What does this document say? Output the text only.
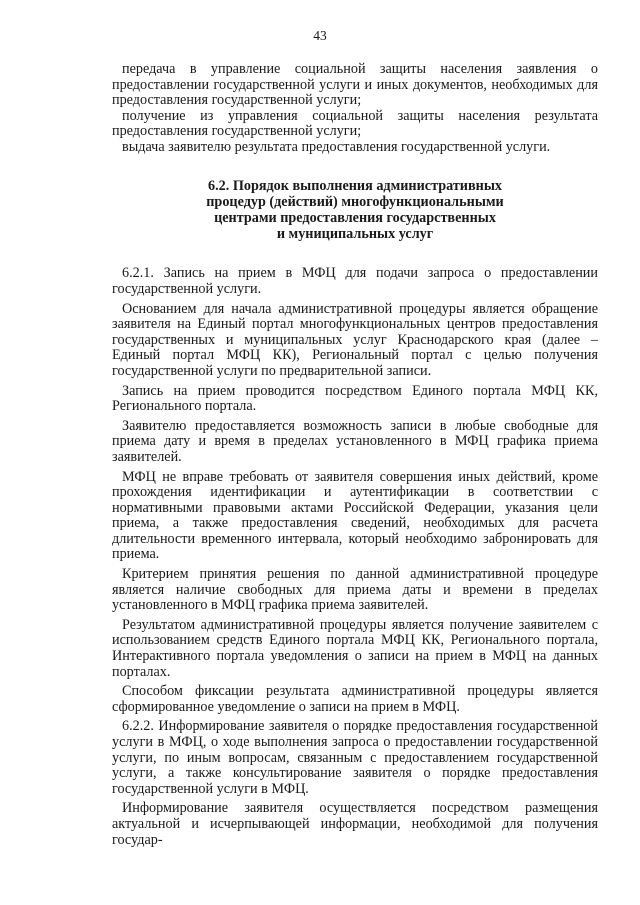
43

передача в управление социальной защиты населения заявления о предоставлении государственной услуги и иных документов, необходимых для предоставления государственной услуги;

получение из управления социальной защиты населения результата предоставления государственной услуги;

выдача заявителю результата предоставления государственной услуги.

6.2. Порядок выполнения административных
процедур (действий) многофункциональными
центрами предоставления государственных
и муниципальных услуг

6.2.1. Запись на прием в МФЦ для подачи запроса о предоставлении государственной услуги.

Основанием для начала административной процедуры является обращение заявителя на Единый портал многофункциональных центров предоставления государственных и муниципальных услуг Краснодарского края (далее – Единый портал МФЦ КК), Региональный портал с целью получения государственной услуги по предварительной записи.

Запись на прием проводится посредством Единого портала МФЦ КК, Регионального портала.

Заявителю предоставляется возможность записи в любые свободные для приема дату и время в пределах установленного в МФЦ графика приема заявителей.

МФЦ не вправе требовать от заявителя совершения иных действий, кроме прохождения идентификации и аутентификации в соответствии с нормативными правовыми актами Российской Федерации, указания цели приема, а также предоставления сведений, необходимых для расчета длительности временного интервала, который необходимо забронировать для приема.

Критерием принятия решения по данной административной процедуре является наличие свободных для приема даты и времени в пределах установленного в МФЦ графика приема заявителей.

Результатом административной процедуры является получение заявителем с использованием средств Единого портала МФЦ КК, Регионального портала, Интерактивного портала уведомления о записи на прием в МФЦ на данных порталах.

Способом фиксации результата административной процедуры является сформированное уведомление о записи на прием в МФЦ.

6.2.2. Информирование заявителя о порядке предоставления государственной услуги в МФЦ, о ходе выполнения запроса о предоставлении государственной услуги, по иным вопросам, связанным с предоставлением государственной услуги, а также консультирование заявителя о порядке предоставления государственной услуги в МФЦ.

Информирование заявителя осуществляется посредством размещения актуальной и исчерпывающей информации, необходимой для получения государ-
